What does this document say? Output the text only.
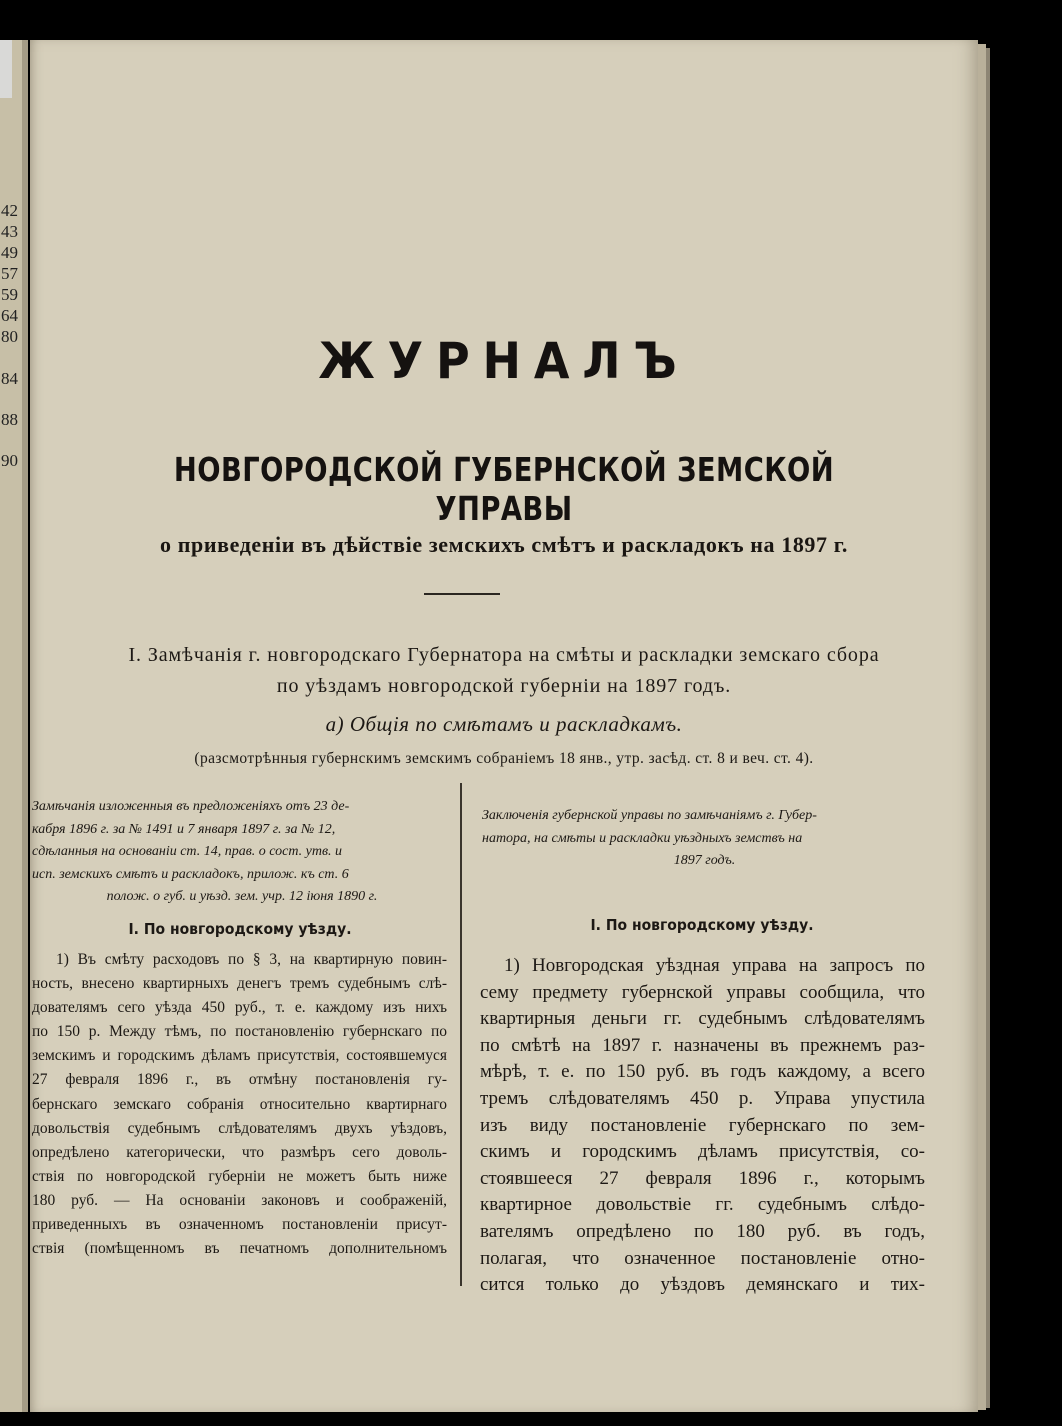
42
43
49
57
59
64
80
84
88
90
ЖУРНАЛЪ
НОВГОРОДСКОЙ ГУБЕРНСКОЙ ЗЕМСКОЙ УПРАВЫ
о приведенiи въ дѣйствiе земскихъ смѣтъ и раскладокъ на 1897 г.
I. Замѣчанiя г. новгородскаго Губернатора на смѣты и раскладки земскаго сбора
по уѣздамъ новгородской губернiи на 1897 годъ.
а) Общiя по смѣтамъ и раскладкамъ.
(разсмотрѣнныя губернскимъ земскимъ собранiемъ 18 янв., утр. засѣд. ст. 8 и веч. ст. 4).
Замѣчанiя изложенныя въ предложенiяхъ отъ 23 де-
кабря 1896 г. за № 1491 и 7 января 1897 г. за № 12,
сдѣланныя на основанiи ст. 14, прав. о сост. утв. и
исп. земскихъ смѣтъ и раскладокъ, прилож. къ ст. 6
полож. о губ. и уѣзд. зем. учр. 12 iюня 1890 г.
Заключенiя губернской управы по замѣчанiямъ г. Губер-
натора, на смѣты и раскладки уѣздныхъ земствъ на
1897 годъ.
I. По новгородскому уѣзду.	I. По новгородскому уѣзду.
1) Въ смѣту расходовъ по § 3, на квартирную повин-
ность, внесено квартирныхъ денегъ тремъ судебнымъ слѣ-
дователямъ сего уѣзда 450 руб., т. е. каждому изъ нихъ
по 150 р. Между тѣмъ, по постановленiю губернскаго по
земскимъ и городскимъ дѣламъ присутствiя, состоявшемуся
27 февраля 1896 г., въ отмѣну постановленiя гу-
бернскаго земскаго собранiя относительно квартирнаго
довольствiя судебнымъ слѣдователямъ двухъ уѣздовъ,
опредѣлено категорически, что размѣръ сего доволь-
ствiя по новгородской губернiи не можетъ быть ниже
180 руб. — На основанiи законовъ и соображенiй,
приведенныхъ въ означенномъ постановленiи присут-
ствiя (помѣщенномъ въ печатномъ дополнительномъ
1) Новгородская уѣздная управа на запросъ по
сему предмету губернской управы сообщила, что
квартирныя деньги гг. судебнымъ слѣдователямъ
по смѣтѣ на 1897 г. назначены въ прежнемъ раз-
мѣрѣ, т. е. по 150 руб. въ годъ каждому, а всего
тремъ слѣдователямъ 450 р. Управа упустила
изъ виду постановленiе губернскаго по зем-
скимъ и городскимъ дѣламъ присутствiя, со-
стоявшееся 27 февраля 1896 г., которымъ
квартирное довольствiе гг. судебнымъ слѣдо-
вателямъ опредѣлено по 180 руб. въ годъ,
полагая, что означенное постановленiе отно-
сится только до уѣздовъ демянскаго и тих-
